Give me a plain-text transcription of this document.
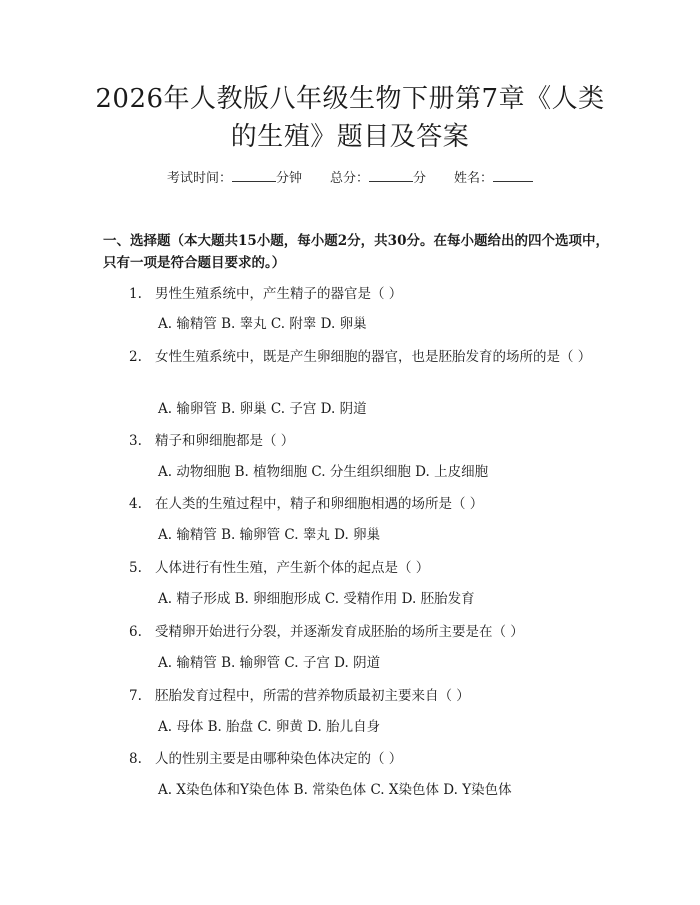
2026年人教版八年级生物下册第7章《人类
的生殖》题目及答案
考试时间：	分钟 总分：	分 姓名：
一、选择题（本大题共15小题，每小题2分，共30分。在每小题给出的四个选项中，只有一项是符合题目要求的。）
1. 男性生殖系统中，产生精子的器官是（ ）
A. 输精管 B. 睾丸 C. 附睾 D. 卵巢
2. 女性生殖系统中，既是产生卵细胞的器官，也是胚胎发育的场所的是（ ）
A. 输卵管 B. 卵巢 C. 子宫 D. 阴道
3. 精子和卵细胞都是（ ）
A. 动物细胞 B. 植物细胞 C. 分生组织细胞 D. 上皮细胞
4. 在人类的生殖过程中，精子和卵细胞相遇的场所是（ ）
A. 输精管 B. 输卵管 C. 睾丸 D. 卵巢
5. 人体进行有性生殖，产生新个体的起点是（ ）
A. 精子形成 B. 卵细胞形成 C. 受精作用 D. 胚胎发育
6. 受精卵开始进行分裂，并逐渐发育成胚胎的场所主要是在（ ）
A. 输精管 B. 输卵管 C. 子宫 D. 阴道
7. 胚胎发育过程中，所需的营养物质最初主要来自（ ）
A. 母体 B. 胎盘 C. 卵黄 D. 胎儿自身
8. 人的性别主要是由哪种染色体决定的（ ）
A. X染色体和Y染色体 B. 常染色体 C. X染色体 D. Y染色体
